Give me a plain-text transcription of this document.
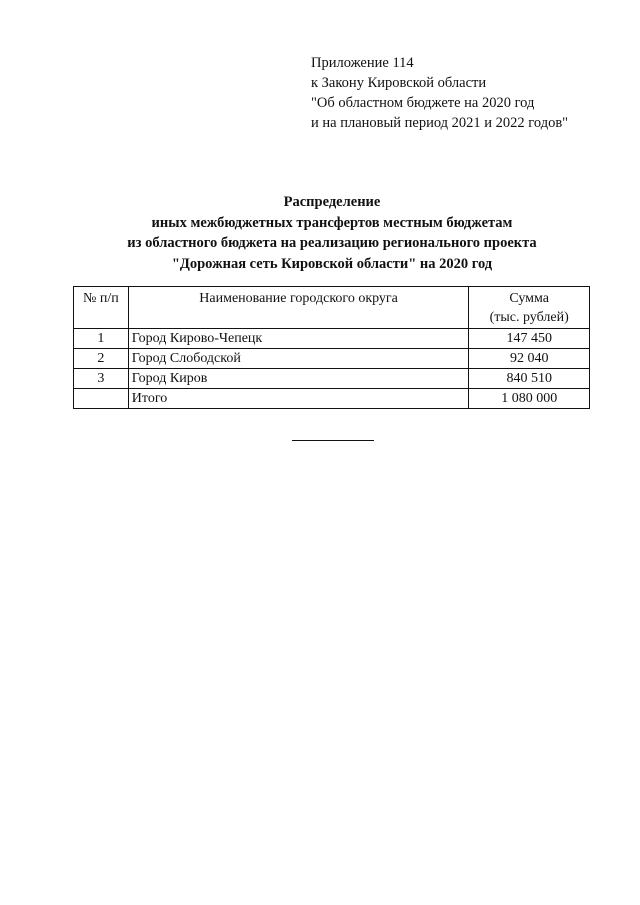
Приложение 114
к Закону Кировской области
"Об областном бюджете на 2020 год
и на плановый период 2021 и 2022 годов"
Распределение
иных межбюджетных трансфертов местным бюджетам
из областного бюджета на реализацию регионального проекта
"Дорожная сеть Кировской области" на 2020 год
№ п/п	Наименование городского округа	Сумма
(тыс. рублей)

1	Город Кирово-Чепецк	147 450
2	Город Слободской	92 040
3	Город Киров	840 510
	Итого	1 080 000
